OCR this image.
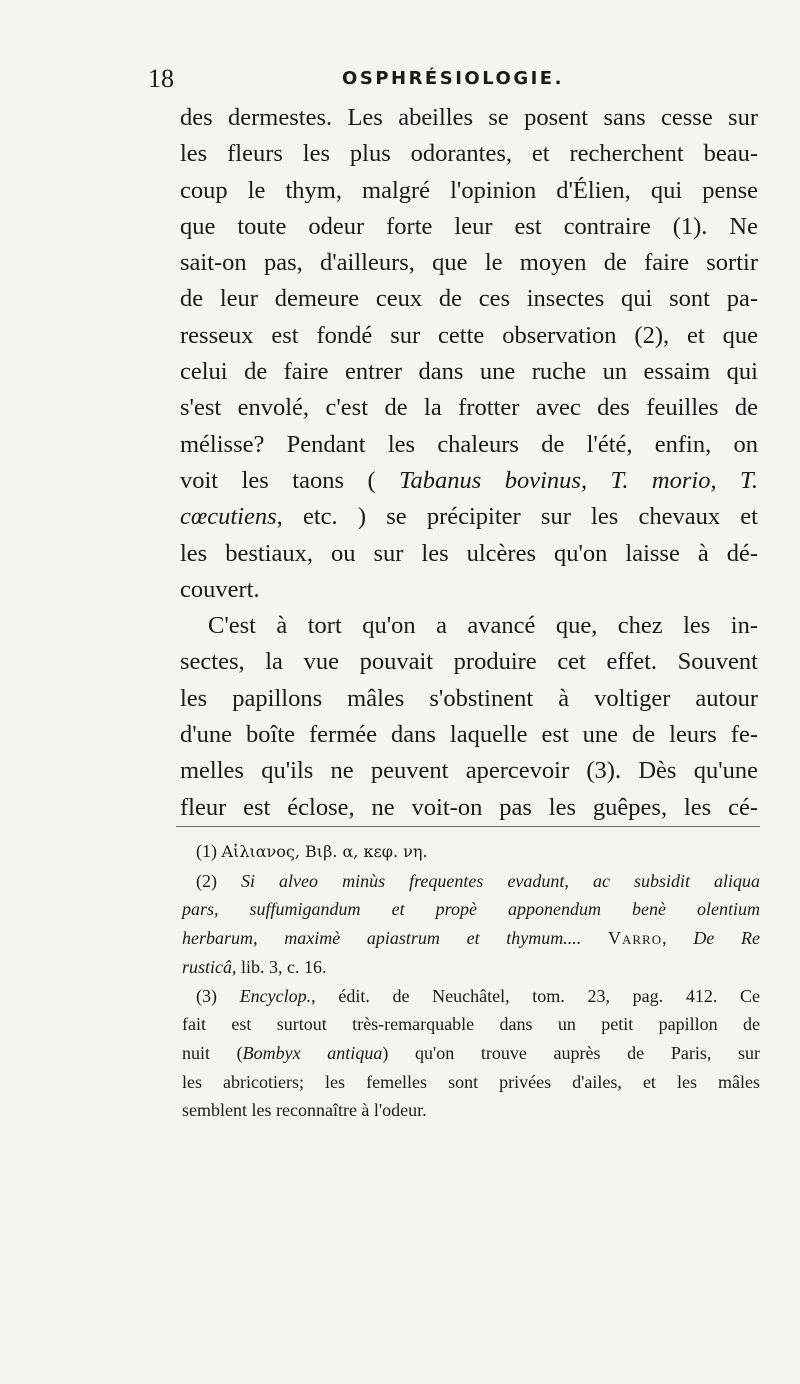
18	OSPHRÉSIOLOGIE.
des dermestes. Les abeilles se posent sans cesse sur
les fleurs les plus odorantes, et recherchent beau-
coup le thym, malgré l'opinion d'Élien, qui pense
que toute odeur forte leur est contraire (1). Ne
sait-on pas, d'ailleurs, que le moyen de faire sortir
de leur demeure ceux de ces insectes qui sont pa-
resseux est fondé sur cette observation (2), et que
celui de faire entrer dans une ruche un essaim qui
s'est envolé, c'est de la frotter avec des feuilles de
mélisse? Pendant les chaleurs de l'été, enfin, on
voit les taons ( Tabanus bovinus, T. morio, T.
cœcutiens, etc. ) se précipiter sur les chevaux et
les bestiaux, ou sur les ulcères qu'on laisse à dé-
couvert.
C'est à tort qu'on a avancé que, chez les in-
sectes, la vue pouvait produire cet effet. Souvent
les papillons mâles s'obstinent à voltiger autour
d'une boîte fermée dans laquelle est une de leurs fe-
melles qu'ils ne peuvent apercevoir (3). Dès qu'une
fleur est éclose, ne voit-on pas les guêpes, les cé-
(1) Αἰλιανος, Βιβ. α, κεφ. νη.
(2) Si alveo minùs frequentes evadunt, ac subsidit aliqua
pars, suffumigandum et propè apponendum benè olentium
herbarum, maximè apiastrum et thymum.... Varro, De Re
rusticâ, lib. 3, c. 16.
(3) Encyclop., édit. de Neuchâtel, tom. 23, pag. 412. Ce
fait est surtout très-remarquable dans un petit papillon de
nuit (Bombyx antiqua) qu'on trouve auprès de Paris, sur
les abricotiers; les femelles sont privées d'ailes, et les mâles
semblent les reconnaître à l'odeur.
